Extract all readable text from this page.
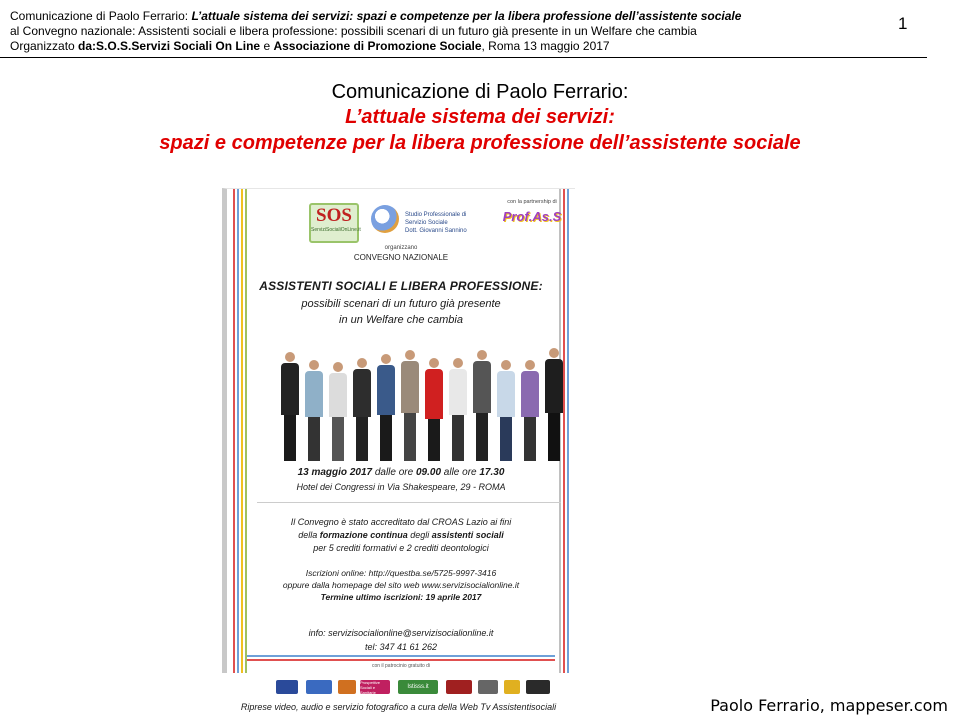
Comunicazione di Paolo Ferrario: L’attuale sistema dei servizi: spazi e competenze per la libera professione dell’assistente sociale
al Convegno nazionale: Assistenti sociali e libera professione: possibili scenari di un futuro già presente in un Welfare che cambia
Organizzato da:S.O.S.Servizi Sociali On Line e Associazione di Promozione Sociale, Roma 13 maggio 2017
1
Comunicazione di Paolo Ferrario:
L’attuale sistema dei servizi:
spazi e competenze per la libera professione dell’assistente sociale
SOS
ServiziSocialiOnLine.it
Studio Professionale di Servizio Sociale
Dott. Giovanni Sannino
con la partnership di
Prof.As.S
organizzano
CONVEGNO NAZIONALE
ASSISTENTI SOCIALI E LIBERA PROFESSIONE:
possibili scenari di un futuro già presente
in un Welfare che cambia
13 maggio 2017 dalle ore 09.00 alle ore 17.30
Hotel dei Congressi in Via Shakespeare, 29 - ROMA
Il Convegno è stato accreditato dal CROAS Lazio ai fini
della formazione continua degli assistenti sociali
per 5 crediti formativi e 2 crediti deontologici
Iscrizioni online: http://questba.se/5725-9997-3416
oppure dalla homepage del sito web www.servizisocialionline.it
Termine ultimo iscrizioni: 19 aprile 2017
info: servizisocialionline@servizisocialionline.it
tel: 347 41 61 262
con il patrocinio gratuito di
Prospettive Sociali e Sanitarie
Istisss.it
Riprese video, audio e servizio fotografico a cura della Web Tv Assistentisociali	Paolo Ferrario, mappeser.com
